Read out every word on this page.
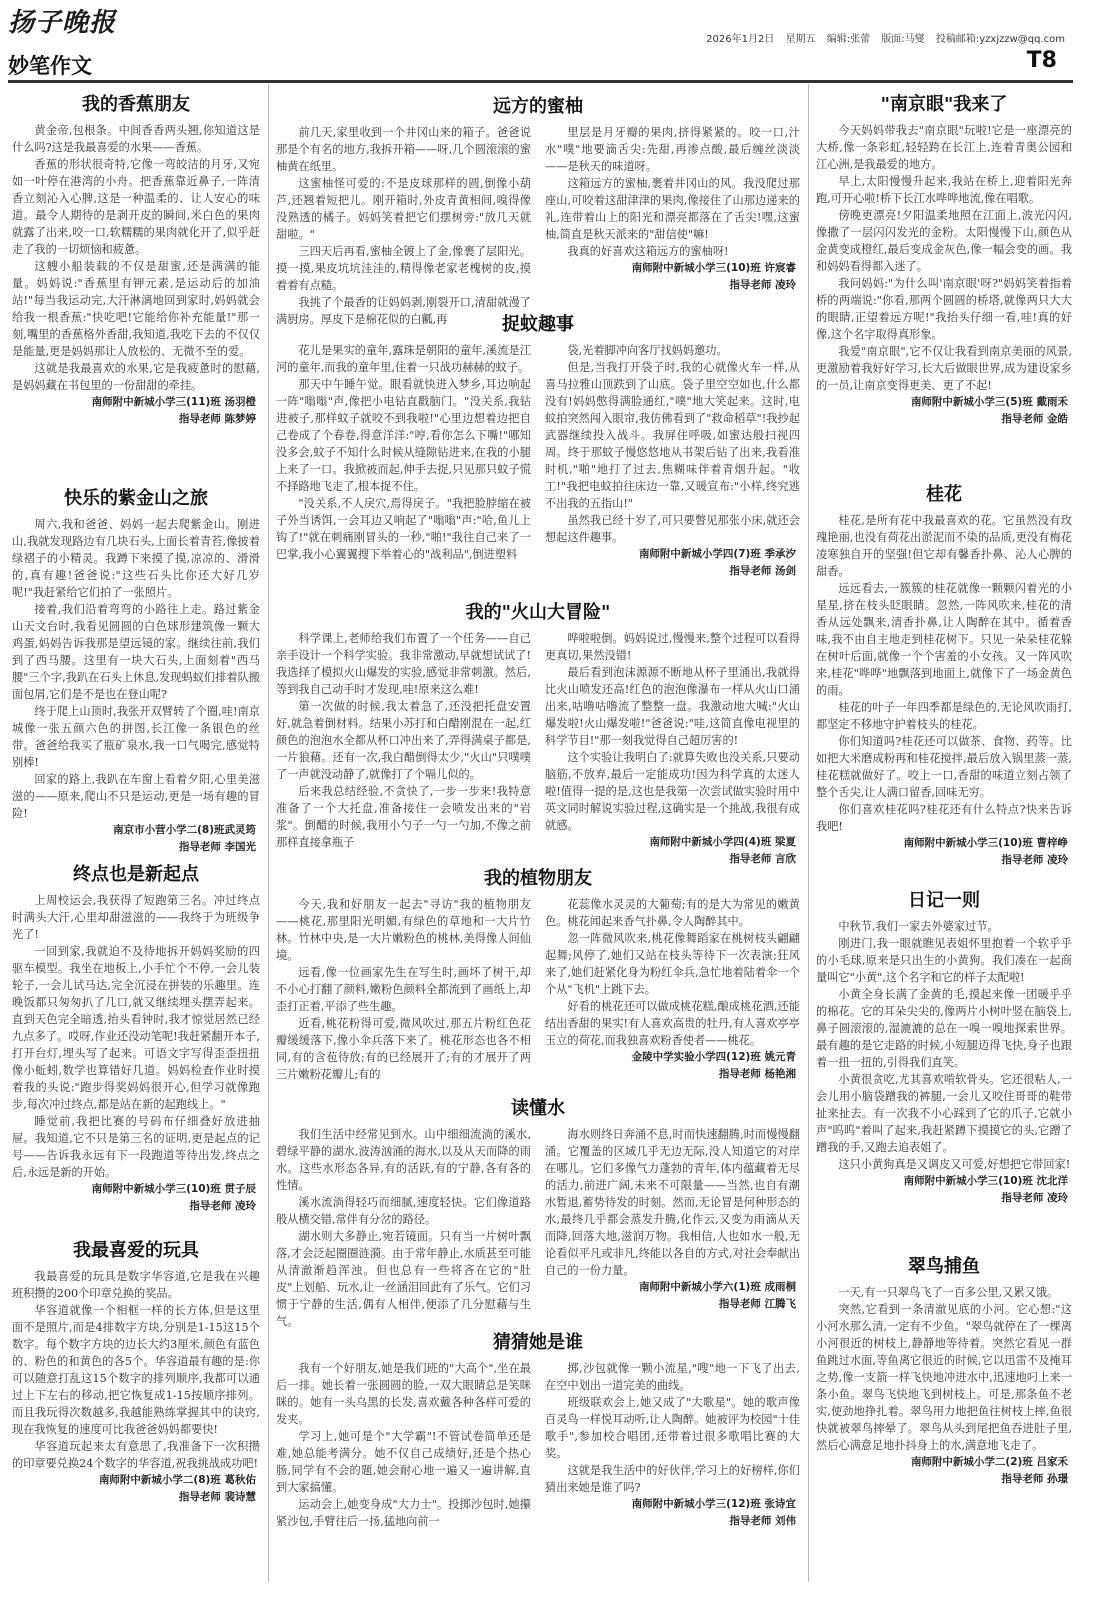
扬子晚报
2026年1月2日 星期五 编辑:张蕾 版面:马燮 投稿邮箱:yzxjzzw@qq.com
妙笔作文	T8
我的香蕉朋友

黄金帝,包根条。中间香香两头翘,你知道这是什么吗?这是我最喜爱的水果——香蕉。

香蕉的形状很奇特,它像一弯皎洁的月牙,又宛如一叶停在港湾的小舟。把香蕉靠近鼻子,一阵清香立刻沁入心脾,这是一种温柔的、让人安心的味道。最令人期待的是剥开皮的瞬间,米白色的果肉就露了出来,咬一口,软糯糯的果肉就化开了,似乎赶走了我的一切烦恼和疲惫。

这艘小船装载的不仅是甜蜜,还是满满的能量。妈妈说:"香蕉里有钾元素,是运动后的加油站!"每当我运动完,大汗淋漓地回到家时,妈妈就会给我一根香蕉:"快吃吧!它能给你补充能量!"那一刻,嘴里的香蕉格外香甜,我知道,我吃下去的不仅仅是能量,更是妈妈那让人放松的、无微不至的爱。

这就是我最喜欢的水果,它是我疲惫时的慰藉,是妈妈藏在书包里的一份甜甜的牵挂。

南师附中新城小学三(11)班 汤羽橙
指导老师 陈梦婷
快乐的紫金山之旅

周六,我和爸爸、妈妈一起去爬紫金山。刚进山,我就发现路边有几块石头,上面长着青苔,像披着绿褶子的小精灵。我蹲下来摸了摸,凉凉的、滑滑的,真有趣!爸爸说:"这些石头比你还大好几岁呢!"我赶紧给它们拍了一张照片。

接着,我们沿着弯弯的小路往上走。路过紫金山天文台时,我看见圆圆的白色球形建筑像一颗大鸡蛋,妈妈告诉我那是望远镜的家。继续往前,我们到了西马腰。这里有一块大石头,上面刻着"西马腰"三个字,我趴在石头上休息,发现蚂蚁们排着队搬面包屑,它们是不是也在登山呢?

终于爬上山顶时,我张开双臂转了个圈,哇!南京城像一张五颜六色的拼图,长江像一条银色的丝带。爸爸给我买了瓶矿泉水,我一口气喝完,感觉特别棒!

回家的路上,我趴在车窗上看着夕阳,心里美滋滋的——原来,爬山不只是运动,更是一场有趣的冒险!

南京市小营小学二(8)班武灵筠
指导老师 李国光
终点也是新起点

上周校运会,我获得了短跑第三名。冲过终点时满头大汗,心里却甜滋滋的——我终于为班级争光了!

一回到家,我就迫不及待地拆开妈妈奖励的四驱车模型。我坐在地板上,小手忙个不停,一会儿装轮子,一会儿试马达,完全沉浸在拼装的乐趣里。连晚饭都只匆匆扒了几口,就又继续埋头摆弄起来。直到天色完全暗透,抬头看钟时,我才惊觉居然已经九点多了。哎呀,作业还没动笔呢!我赶紧翻开本子,打开台灯,埋头写了起来。可语文字写得歪歪扭扭像小蚯蚓,数学也算错好几道。妈妈检查作业时摸着我的头说:"跑步得奖妈妈很开心,但学习就像跑步,每次冲过终点,都是站在新的起跑线上。"

睡觉前,我把比赛的号码布仔细叠好放进抽屉。我知道,它不只是第三名的证明,更是起点的记号——告诉我永远有下一段跑道等待出发,终点之后,永远是新的开始。

南师附中新城小学三(10)班 贯子辰
指导老师 凌玲
我最喜爱的玩具

我最喜爱的玩具是数字华容道,它是我在兴趣班积攒的200个印章兑换的奖品。

华容道就像一个相框一样的长方体,但是这里面不是照片,而是4排数字方块,分别是1-15这15个数字。每个数字方块的边长大约3厘米,颜色有蓝色的、粉色的和黄色的各5个。华容道最有趣的是:你可以随意打乱这15个数字的排列顺序,我都可以通过上下左右的移动,把它恢复成1-15按顺序排列。而且我玩得次数越多,我越能熟练掌握其中的诀窍,现在我恢复的速度可比我爸爸妈妈都要快!

华容道玩起来太有意思了,我准备下一次积攒的印章要兑换24个数字的华容道,祝我挑战成功吧!

南师附中新城小学二(8)班 葛秋佑
指导老师 裴诗慧
远方的蜜柚

前几天,家里收到一个井冈山来的箱子。爸爸说那是个有名的地方,我拆开箱——呀,几个圆滚滚的蜜柚黄在纸里。

这蜜柚怪可爱的:不是皮球那样的圆,倒像小葫芦,还翘着短把儿。刚开箱时,外皮青黄相间,嗅得像没熟透的橘子。妈妈笑着把它们摆树旁:"放几天就甜啦。"

三四天后再看,蜜柚全镀上了金,像裹了层阳光。摸一摸,果皮坑坑洼洼的,精得像老家老槐树的皮,摸着着有点糙。

我挑了个最香的让妈妈剥,刚裂开口,清甜就漫了满厨房。厚皮下是棉花似的白瓤,再

里层是月牙瓣的果肉,挤得紧紧的。咬一口,汁水"噗"地要滴舌尖:先甜,再渗点酸,最后缠丝淡淡——是秋天的味道呀。

这箱远方的蜜柚,裹着井冈山的风。我没爬过那座山,可咬着这甜津津的果肉,像接住了山那边递来的礼,连带着山上的阳光和漂亮都落在了舌尖!嘿,这蜜柚,简直是秋天派来的"甜信使"嘛!

我真的好喜欢这箱远方的蜜柚呀!

南师附中新城小学三(10)班 许宸睿
指导老师 凌玲
捉蚊趣事

花儿是果实的童年,露珠是朝阳的童年,溪流是江河的童年,而我的童年里,住着一只战功赫赫的蚊子。

那天中午睡午觉。眼看就快进入梦乡,耳边响起一阵"嗡嗡"声,像把小电钻直戳脑门。"没关系,我钻进被子,那样蚊子就咬不到我啦!"心里边想着边把自己卷成了个春卷,得意洋洋:"哼,看你怎么下嘴!"哪知没多会,蚊子不知什么时候从缝隙钻进来,在我的小腿上来了一口。我掀被而起,伸手去捉,只见那只蚊子慌不择路地飞走了,根本捉不住。

"没关系,不人戾穴,焉得戾子。"我把脸脖缩在被子外当诱饵,一会耳边又响起了"嗡嗡"声:"哈,鱼儿上钩了!"就在刺痛刚冒头的一秒,"啪!"我往自己来了一巴掌,我小心翼翼搜下举着心的"战利品",倒进塑料

袋,光着脚冲向客厅找妈妈邀功。

但是,当我打开袋子时,我的心就像火车一样,从喜马拉雅山顶跌到了山底。袋子里空空如也,什么都没有!妈妈憋得满脸通红,"噗"地大笑起来。这时,电蚊拍突然闯入眼帘,我仿佛看到了"救命稻草"!我抄起武器继续投入战斗。我屏住呼吸,如蜜达般扫视四周。终于那蚊子慢悠悠地从书架后钻了出来,我看准时机,"啪"地打了过去,焦糊味伴着青烟升起。"收工!"我把电蚊拍往床边一靠,又暖宣布:"小样,终究逃不出我的五指山!"

虽然我已经十岁了,可只要瞥见那张小床,就还会想起这件趣事。

南师附中新城小学四(7)班 季承汐
指导老师 汤剑
我的"火山大冒险"

科学课上,老师给我们布置了一个任务——自己亲手设计一个科学实验。我非常激动,早就想试试了!我选择了模拟火山爆发的实验,感觉非常刺激。然后,等到我自己动手时才发现,哇!原来这么难!

第一次做的时候,我太着急了,还没把托盘安置好,就急着倒材料。结果小苏打和白醋刚混在一起,红颜色的泡泡水全都从杯口冲出来了,弄得满桌子都是,一片狼藉。还有一次,我白醋倒得太少,"火山"只噗噗了一声就没动静了,就像打了个嗝儿似的。

后来我总结经验,不贪快了,一步一步来!我特意准备了一个大托盘,准备接住一会喷发出来的"岩浆"。倒醋的时候,我用小勺子一勺一勺加,不像之前那样直接拿瓶子

哗啦啦倒。妈妈说过,慢慢来,整个过程可以看得更真切,果然没错!

最后看到泡沫源源不断地从杯子里涌出,我就得比火山喷发还高!红色的泡泡像瀑布一样从火山口涌出来,咕噜咕噜流了整整一盘。我激动地大喊:"火山爆发啦!火山爆发啦!"爸爸说:"哇,这简直像电视里的科学节目!"那一刻我觉得自己超厉害的!

这个实验让我明白了:就算失败也没关系,只要动脑筋,不放弃,最后一定能成功!因为科学真的太迷人啦!值得一提的是,这也是我第一次尝试做实验时用中英文同时解说实验过程,这确实是一个挑战,我很有成就感。

南师附中新城小学四(4)班 梁夏
指导老师 言欣
我的植物朋友

今天,我和好朋友一起去"寻访"我的植物朋友——桃花,那里阳光明媚,有绿色的草地和一大片竹林。竹林中央,是一大片嫩粉色的桃林,美得像人间仙境。

远看,像一位画家先生在写生时,画坏了树干,却不小心打翻了颜料,嫩粉色颜料全都流到了画纸上,却歪打正着,平添了些生趣。

近看,桃花粉得可爱,微风吹过,那五片粉红色花瓣缓缓落下,像小伞兵落下来了。桃花形态也各不相同,有的含苞待放;有的已经展开了;有的才展开了两三片嫩粉花瓣儿;有的

花蕊像水灵灵的大葡萄;有的是大为常见的嫩黄色。桃花闻起来香气扑鼻,令人陶醉其中。

忽一阵微风吹来,桃花像舞蹈家在桃树枝头翩翩起舞;风停了,她们又站在枝头等待下一次表演;狂风来了,她们赶紧化身为粉红伞兵,急忙地着陆着伞一个个从"飞机"上跳下去。

好看的桃花还可以做成桃花糕,酿成桃花酒,还能结出香甜的果实!有人喜欢高贵的牡丹,有人喜欢亭亭玉立的荷花,而我独喜欢粉香使者——桃花。

金陵中学实验小学四(12)班 姚元青
指导老师 杨艳湘
读懂水

我们生活中经常见到水。山中细细流淌的溪水,碧绿平静的湖水,波涛汹涌的海水,以及从天而降的雨水。这些水形态各异,有的活跃,有的宁静,各有各的性情。

溪水流淌得轻巧而细腻,速度轻快。它们像道路般从横交错,常伴有分岔的路径。

湖水则大多静止,宛若镜面。只有当一片树叶飘落,才会泛起圈圈涟漪。由于常年静止,水质甚至可能从清澈渐趋浑浊。但也总有一些将吝在它的"肚皮"上划船、玩水,让一丝涵泪回此有了乐气。它们习惯于宁静的生活,偶有人相伴,便添了几分慰藉与生气。

海水则终日奔涌不息,时而快速翻腾,时而慢慢翻涌。它覆盖的区域几乎无边无际,没人知道它的对岸在哪儿。它们多像气力蓬勃的青年,体内蕴藏着无尽的活力,前进广阔,未来不可限量——当然,也自有潮水暂退,蓄势待发的时刻。然而,无论冒是何种形态的水,最终几乎都会蒸发升腾,化作云,又变为雨滴从天而降,回落大地,滋润万物。我相信,人也如水一般,无论看似平凡或非凡,终能以各自的方式,对社会奉献出自己的一份力量。

南师附中新城小学六(1)班 成雨桐
指导老师 江腾飞
猜猜她是谁

我有一个好朋友,她是我们班的"大高个",坐在最后一排。她长着一张圆圆的脸,一双大眼睛总是笑眯眯的。她有一头乌黑的长发,喜欢戴各种各样可爱的发夹。

学习上,她可是个"大学霸"!不管试卷简单还是难,她总能考满分。她不仅自己成绩好,还是个热心肠,同学有不会的题,她会耐心地一遍又一遍讲解,直到大家搞懂。

运动会上,她变身成"大力士"。投掷沙包时,她攥紧沙包,手臂往后一扬,猛地向前一

掷,沙包就像一颗小流星,"嗖"地一下飞了出去,在空中划出一道完美的曲线。

班级联欢会上,她又成了"大歌星"。她的歌声像百灵鸟一样悦耳动听,让人陶醉。她被评为校园"十佳歌手",参加校合唱团,还带着过很多歌唱比赛的大奖。

这就是我生活中的好伙伴,学习上的好榜样,你们猜出来她是谁了吗?

南师附中新城小学三(12)班 张诗宜
指导老师 刘伟
"南京眼"我来了

今天妈妈带我去"南京眼"玩啦!它是一座漂亮的大桥,像一条彩虹,轻轻跨在长江上,连着青奥公园和江心洲,是我最爱的地方。

早上,太阳慢慢升起来,我站在桥上,迎着阳光奔跑,可开心啦!桥下长江水哗哗地流,像在唱歌。

傍晚更漂亮!夕阳温柔地照在江面上,波光闪闪,像撒了一层闪闪发光的金粉。太阳慢慢下山,颜色从金黄变成橙红,最后变成金灰色,像一幅会变的画。我和妈妈看得都入迷了。

我问妈妈:"为什么叫'南京眼'呀?"妈妈笑着指着桥的两端说:"你看,那两个圆圆的桥塔,就像两只大大的眼睛,正望着远方呢!"我抬头仔细一看,哇!真的好像,这个名字取得真形象。

我爱"南京眼",它不仅让我看到南京美丽的风景,更激励着我好好学习,长大后做眼世界,成为建设家乡的一员,让南京变得更美、更了不起!

南师附中新城小学三(5)班 戴雨禾
指导老师 金皓
桂花

桂花,是所有花中我最喜欢的花。它虽然没有玫瑰艳丽,也没有荷花出淤泥而不染的品质,更没有梅花凌寒独自开的坚强!但它却有馨香扑鼻、沁人心脾的甜香。

远远看去,一簇簇的桂花就像一颗颗闪着光的小星星,挤在枝头眨眼睛。忽然,一阵风吹来,桂花的清香从远处飘来,清香扑鼻,让人陶醉在其中。循着香味,我不由自主地走到桂花树下。只见一朵朵桂花躲在树叶后面,就像一个个害羞的小女孩。又一阵风吹来,桂花"哗哗"地飘落到地面上,就像下了一场金黄色的雨。

桂花的叶子一年四季都是绿色的,无论风吹雨打,都坚定不移地守护着枝头的桂花。

你们知道吗?桂花还可以做茶、食物、药等。比如把大米磨成粉再和桂花搅拌,最后放入锅里蒸一蒸,桂花糕就做好了。咬上一口,香甜的味道立刻占领了整个舌尖,让人满口留香,回味无穷。

你们喜欢桂花吗?桂花还有什么特点?快来告诉我吧!

南师附中新城小学三(10)班 曹梓峥
指导老师 凌玲
日记一则

中秋节,我们一家去外婆家过节。

刚进门,我一眼就瞧见表姐怀里抱着一个软乎乎的小毛球,原来是只出生的小黄狗。我们凑在一起商量叫它"小黄",这个名字和它的样子太配啦!

小黄全身长满了金黄的毛,摸起来像一团暖乎乎的棉花。它的耳朵尖尖的,像两片小树叶竖在脑袋上,鼻子圆滚滚的,湿漉漉的总在一嗅一嗅地探索世界。最有趣的是它走路的时候,小短腿迈得飞快,身子也跟着一扭一扭的,引得我们直笑。

小黄很贪吃,尤其喜欢啃软骨头。它还很粘人,一会儿用小脑袋蹭我的裤腿,一会儿又咬住哥哥的鞋带扯来扯去。有一次我不小心踩到了它的爪子,它就小声"呜呜"着叫了起来,我赶紧蹲下摸摸它的头,它蹭了蹭我的手,又跑去追表姐了。

这只小黄狗真是又调皮又可爱,好想把它带回家!

南师附中新城小学三(10)班 沈北洋
指导老师 凌玲
翠鸟捕鱼

一天,有一只翠鸟飞了一百多公里,又累又饿。

突然,它看到一条清澈见底的小河。它心想:"这小河水那么清,一定有不少鱼。"翠鸟就停在了一棵离小河很近的树枝上,静静地等待着。突然它看见一群鱼跳过水面,等鱼离它很近的时候,它以迅雷不及掩耳之势,像一支箭一样飞快地冲进水中,迅速地叼上来一条小鱼。翠鸟飞快地飞到树枝上。可是,那条鱼不老实,使劲地挣扎着。翠鸟用力地把鱼往树枝上摔,鱼很快就被翠鸟摔晕了。翠鸟从头到尾把鱼吞进肚子里,然后心满意足地扑抖身上的水,满意地飞走了。

南师附中新城小学二(2)班 吕家禾
指导老师 孙璟
